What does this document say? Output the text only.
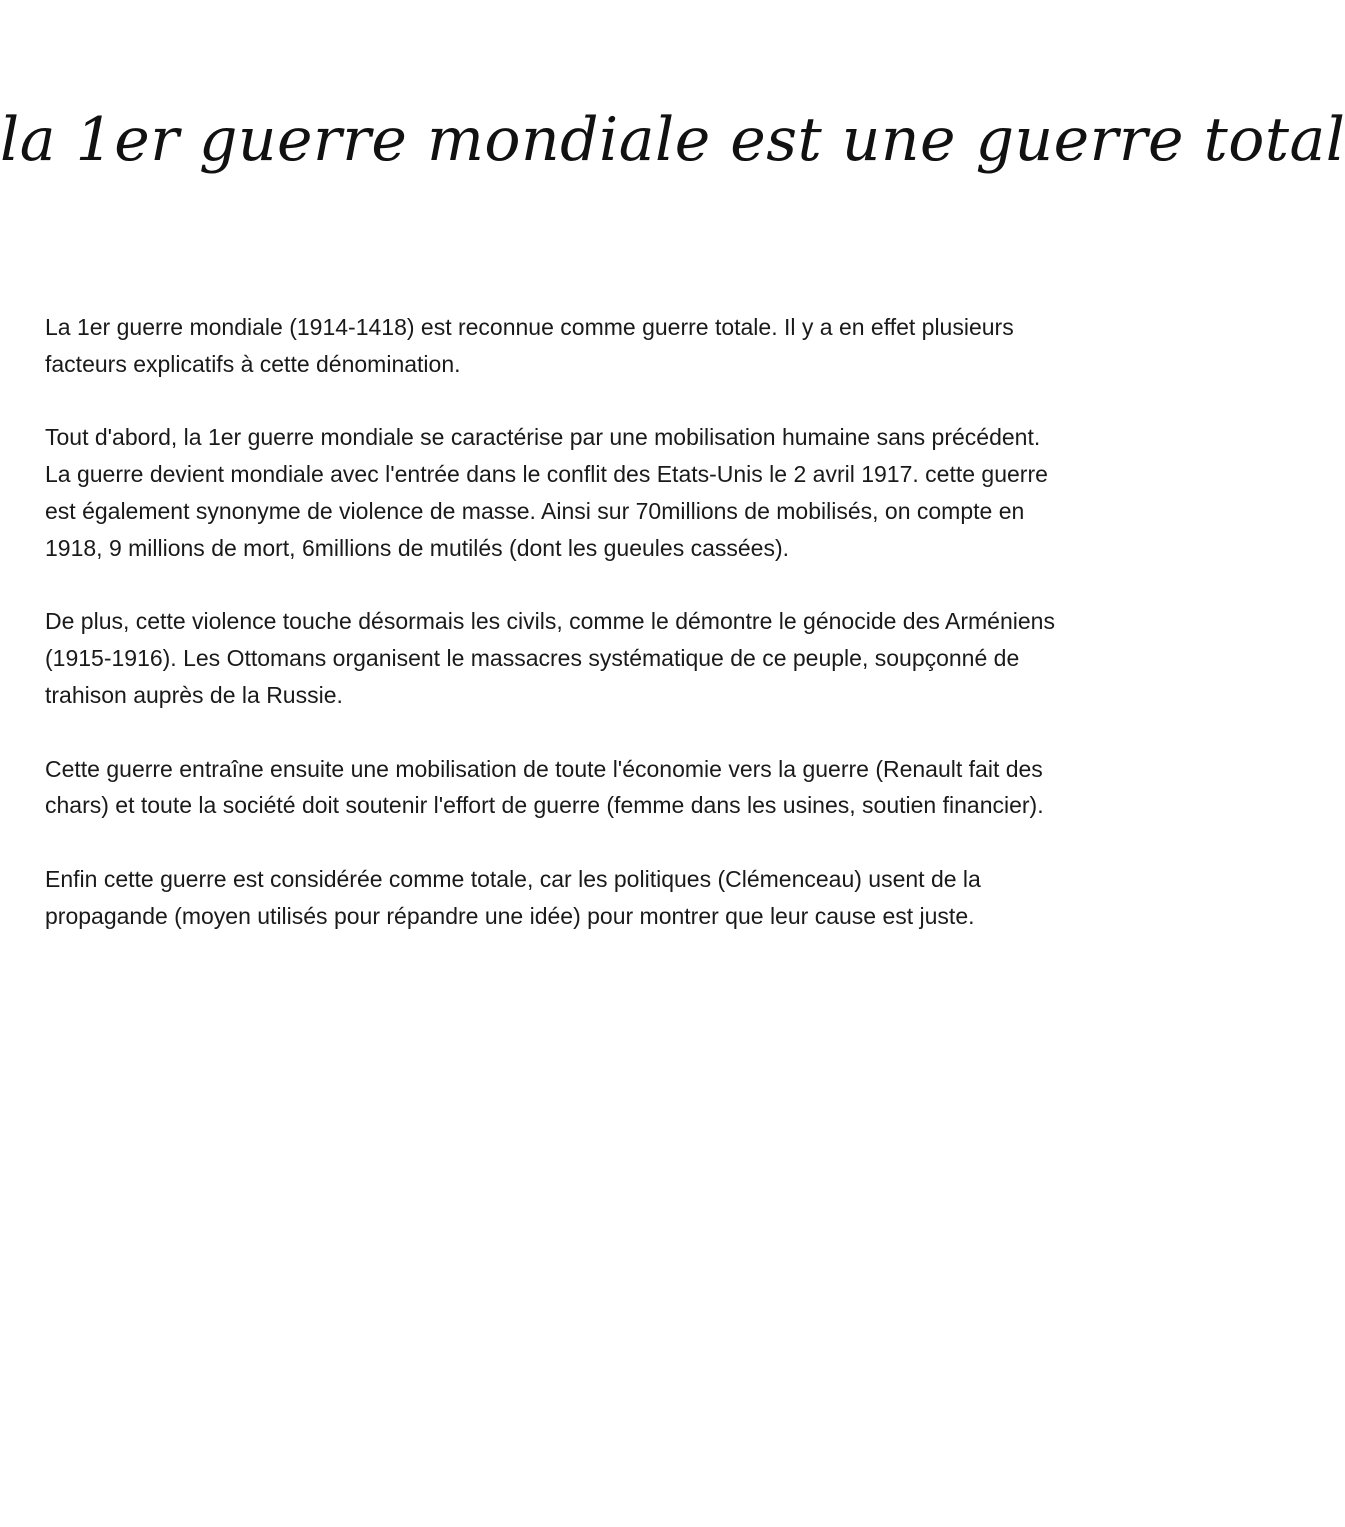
la 1er guerre mondiale est une guerre total

La 1er guerre mondiale (1914-1418) est reconnue comme guerre totale. Il y a en effet plusieurs facteurs explicatifs à cette dénomination.

Tout d'abord, la 1er guerre mondiale se caractérise par une mobilisation humaine sans précédent. La guerre devient mondiale avec l'entrée dans le conflit des Etats-Unis le 2 avril 1917. cette guerre est également synonyme de violence de masse. Ainsi sur 70millions de mobilisés, on compte en 1918, 9 millions de mort, 6millions de mutilés (dont les gueules cassées).

De plus, cette violence touche désormais les civils, comme le démontre le génocide des Arméniens (1915-1916). Les Ottomans organisent le massacres systématique de ce peuple, soupçonné de trahison auprès de la Russie.

Cette guerre entraîne ensuite une mobilisation de toute l'économie vers la guerre (Renault fait des chars) et toute la société doit soutenir l'effort de guerre (femme dans les usines, soutien financier).

Enfin cette guerre est considérée comme totale, car les politiques (Clémenceau) usent de la propagande (moyen utilisés pour répandre une idée) pour montrer que leur cause est juste.
